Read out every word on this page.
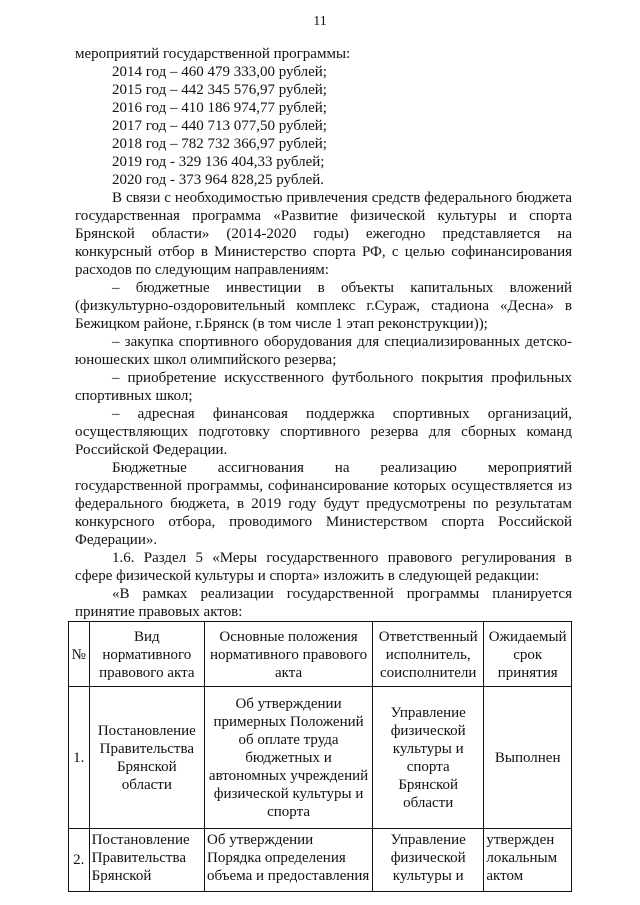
11

мероприятий государственной программы:

2014 год – 460 479 333,00 рублей;

2015 год – 442 345 576,97 рублей;

2016 год – 410 186 974,77 рублей;

2017 год – 440 713 077,50 рублей;

2018 год – 782 732 366,97 рублей;

2019 год - 329 136 404,33 рублей;

2020 год - 373 964 828,25 рублей.

В связи с необходимостью привлечения средств федерального бюджета государственная программа «Развитие физической культуры и спорта Брянской области» (2014-2020 годы) ежегодно представляется на конкурсный отбор в Министерство спорта РФ, с целью софинансирования расходов по следующим направлениям:

– бюджетные инвестиции в объекты капитальных вложений (физкультурно-оздоровительный комплекс г.Сураж, стадиона «Десна» в Бежицком районе, г.Брянск (в том числе 1 этап реконструкции));

– закупка спортивного оборудования для специализированных детско-юношеских школ олимпийского резерва;

– приобретение искусственного футбольного покрытия профильных спортивных школ;

– адресная финансовая поддержка спортивных организаций, осуществляющих подготовку спортивного резерва для сборных команд Российской Федерации.

Бюджетные ассигнования на реализацию мероприятий государственной программы, софинансирование которых осуществляется из федерального бюджета, в 2019 году будут предусмотрены по результатам конкурсного отбора, проводимого Министерством спорта Российской Федерации».

1.6. Раздел 5 «Меры государственного правового регулирования в сфере физической культуры и спорта» изложить в следующей редакции:

«В рамках реализации государственной программы планируется принятие правовых актов:

№	Вид нормативного правового акта	Основные положения нормативного правового акта	Ответственный исполнитель, соисполнители	Ожидаемый срок принятия
1.	Постановление Правительства Брянской области	Об утверждении примерных Положений об оплате труда бюджетных и автономных учреждений физической культуры и спорта	Управление физической культуры и спорта Брянской области	Выполнен

2.	Постановление Правительства Брянской	Об утверждении Порядка определения объема и предоставления	Управление физической культуры и	утвержден локальным актом
